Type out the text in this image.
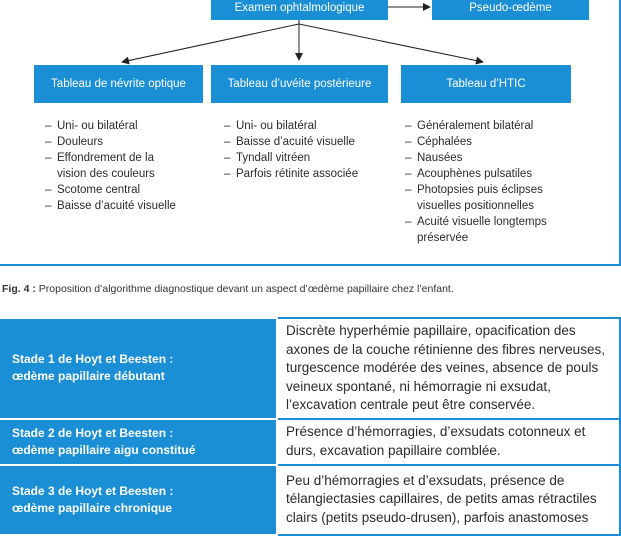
Examen ophtalmologique	Pseudo-œdème
Tableau de névrite optique	Tableau d’uvéite postérieure	Tableau d’HTIC
– Uni- ou bilatéral
– Douleurs
– Effondrement de la vision des couleurs
– Scotome central
– Baisse d’acuité visuelle
– Uni- ou bilatéral
– Baisse d’acuité visuelle
– Tyndall vitréen
– Parfois rétinite associée
– Généralement bilatéral
– Céphalées
– Nausées
– Acouphènes pulsatiles
– Photopsies puis éclipses visuelles positionnelles
– Acuité visuelle longtemps préservée
Fig. 4 : Proposition d’algorithme diagnostique devant un aspect d’œdème papillaire chez l’enfant.
Stade 1 de Hoyt et Beesten :
œdème papillaire débutant	Discrète hyperhémie papillaire, opacification des axones de la couche rétinienne des fibres nerveuses, turgescence modérée des veines, absence de pouls veineux spontané, ni hémorragie ni exsudat, l’excavation centrale peut être conservée.

Stade 2 de Hoyt et Beesten :
œdème papillaire aigu constitué	Présence d’hémorragies, d’exsudats cotonneux et durs, excavation papillaire comblée.

Stade 3 de Hoyt et Beesten :
œdème papillaire chronique	Peu d’hémorragies et d’exsudats, présence de télangiectasies capillaires, de petits amas rétractiles clairs (petits pseudo-drusen), parfois anastomoses
